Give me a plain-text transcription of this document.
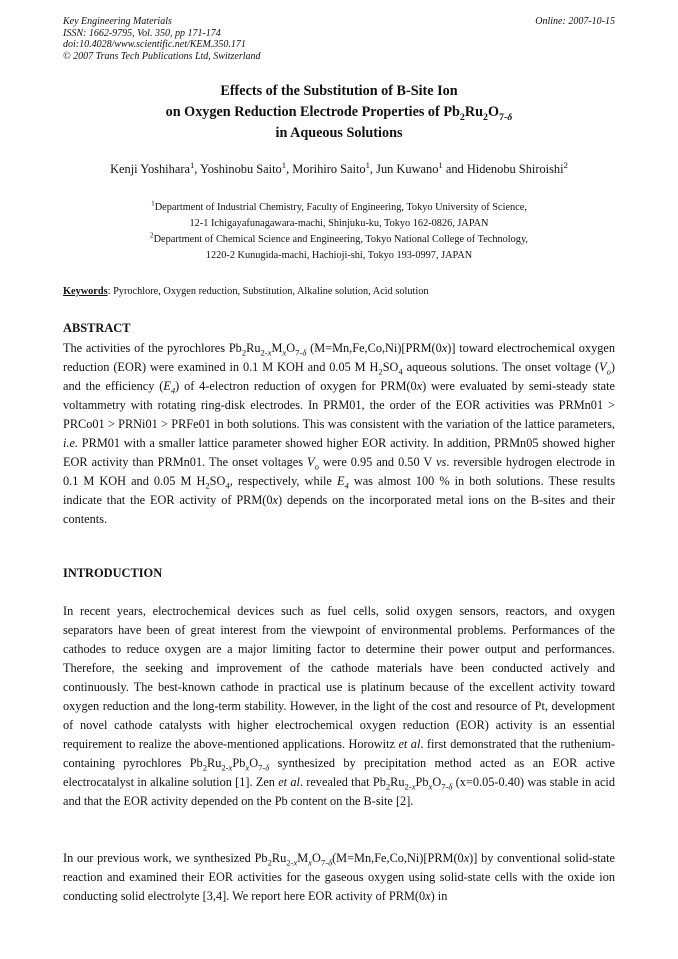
Key Engineering Materials
ISSN: 1662-9795, Vol. 350, pp 171-174
doi:10.4028/www.scientific.net/KEM.350.171
© 2007 Trans Tech Publications Ltd, Switzerland
Online: 2007-10-15
Effects of the Substitution of B-Site Ion
on Oxygen Reduction Electrode Properties of $Pb_2Ru_2O_{7-\delta}$
in Aqueous Solutions
Kenji Yoshihara$^1$, Yoshinobu Saito$^1$, Morihiro Saito$^1$, Jun Kuwano$^1$ and Hidenobu Shiroishi$^2$
$^1$Department of Industrial Chemistry, Faculty of Engineering, Tokyo University of Science,
12-1 Ichigayafunagawara-machi, Shinjuku-ku, Tokyo 162-0826, JAPAN
$^2$Department of Chemical Science and Engineering, Tokyo National College of Technology,
1220-2 Kunugida-machi, Hachioji-shi, Tokyo 193-0997, JAPAN
Keywords: Pyrochlore, Oxygen reduction, Substitution, Alkaline solution, Acid solution
ABSTRACT
The activities of the pyrochlores $Pb_2Ru_{2-x}M_xO_{7-\delta}$ (M=Mn,Fe,Co,Ni)[PRM(0x)] toward electrochemical oxygen reduction (EOR) were examined in 0.1 M KOH and 0.05 M $H_2SO_4$ aqueous solutions. The onset voltage $(V_o)$ and the efficiency $(E_4)$ of 4-electron reduction of oxygen for PRM(0x) were evaluated by semi-steady state voltammetry with rotating ring-disk electrodes. In PRM01, the order of the EOR activities was PRMn01 > PRCo01 > PRNi01 > PRFe01 in both solutions. This was consistent with the variation of the lattice parameters, i.e. PRM01 with a smaller lattice parameter showed higher EOR activity. In addition, PRMn05 showed higher EOR activity than PRMn01. The onset voltages $V_o$ were 0.95 and 0.50 V vs. reversible hydrogen electrode in 0.1 M KOH and 0.05 M $H_2SO_4$, respectively, while $E_4$ was almost 100 % in both solutions. These results indicate that the EOR activity of PRM(0x) depends on the incorporated metal ions on the B-sites and their contents.
INTRODUCTION
In recent years, electrochemical devices such as fuel cells, solid oxygen sensors, reactors, and oxygen separators have been of great interest from the viewpoint of environmental problems. Performances of the cathodes to reduce oxygen are a major limiting factor to determine their power output and performances. Therefore, the seeking and improvement of the cathode materials have been conducted actively and continuously. The best-known cathode in practical use is platinum because of the excellent activity toward oxygen reduction and the long-term stability. However, in the light of the cost and resource of Pt, development of novel cathode catalysts with higher electrochemical oxygen reduction (EOR) activity is an essential requirement to realize the above-mentioned applications. Horowitz et al. first demonstrated that the ruthenium-containing pyrochlores $Pb_2Ru_{2-x}Pb_xO_{7-\delta}$ synthesized by precipitation method acted as an EOR active electrocatalyst in alkaline solution [1]. Zen et al. revealed that $Pb_2Ru_{2-x}Pb_xO_{7-\delta}$ (x=0.05-0.40) was stable in acid and that the EOR activity depended on the Pb content on the B-site [2].
In our previous work, we synthesized $Pb_2Ru_{2-x}M_xO_{7-\delta}(M=Mn,Fe,Co,Ni)[PRM(0x)]$ by conventional solid-state reaction and examined their EOR activities for the gaseous oxygen using solid-state cells with the oxide ion conducting solid electrolyte [3,4]. We report here EOR activity of PRM(0x) in
